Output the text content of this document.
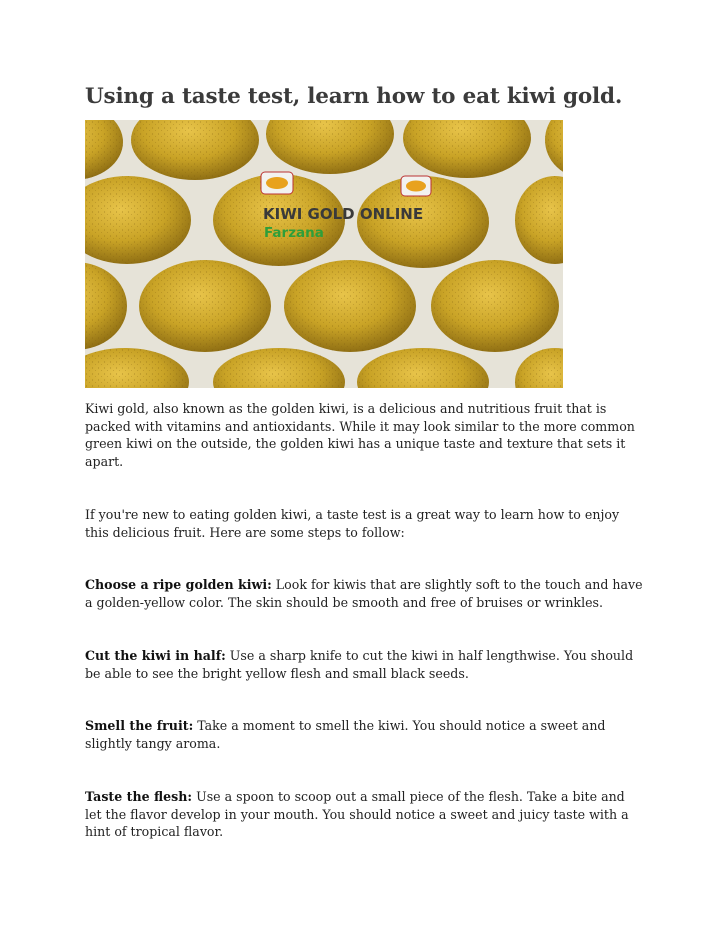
Using a taste test, learn how to eat kiwi gold.
KIWI GOLD ONLINE
Farzana

Kiwi gold, also known as the golden kiwi, is a delicious and nutritious fruit that is packed with vitamins and antioxidants. While it may look similar to the more common green kiwi on the outside, the golden kiwi has a unique taste and texture that sets it apart.

If you're new to eating golden kiwi, a taste test is a great way to learn how to enjoy this delicious fruit. Here are some steps to follow:

Choose a ripe golden kiwi: Look for kiwis that are slightly soft to the touch and have a golden-yellow color. The skin should be smooth and free of bruises or wrinkles.

Cut the kiwi in half: Use a sharp knife to cut the kiwi in half lengthwise. You should be able to see the bright yellow flesh and small black seeds.

Smell the fruit: Take a moment to smell the kiwi. You should notice a sweet and slightly tangy aroma.

Taste the flesh: Use a spoon to scoop out a small piece of the flesh. Take a bite and let the flavor develop in your mouth. You should notice a sweet and juicy taste with a hint of tropical flavor.
